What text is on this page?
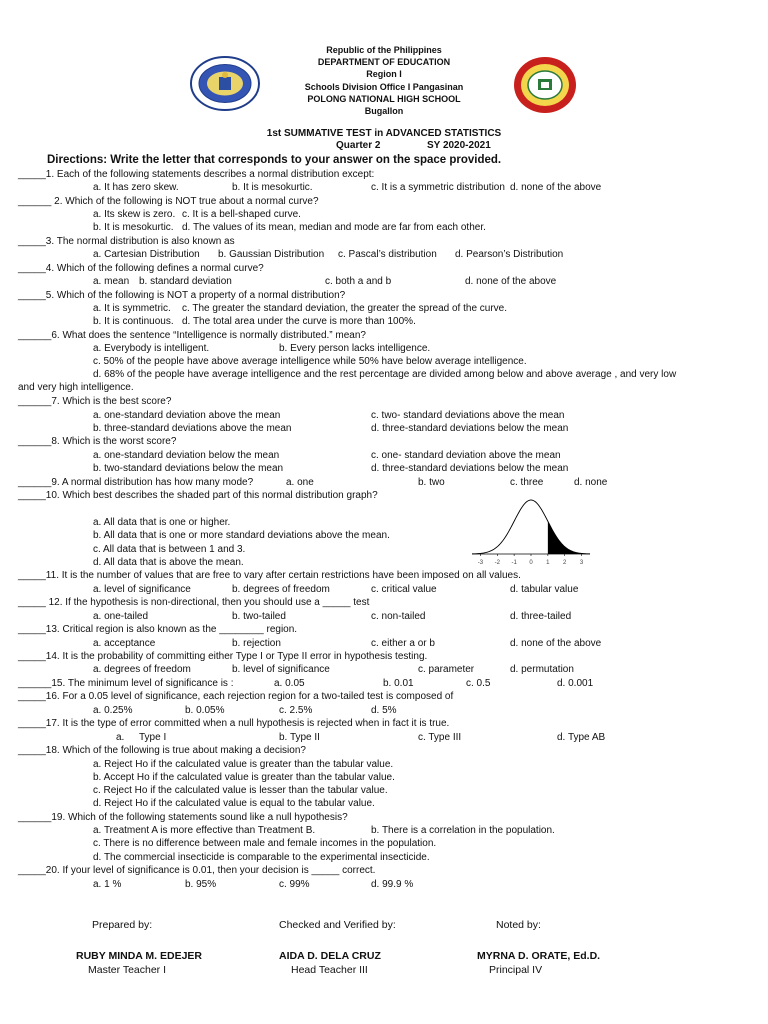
Republic of the Philippines
DEPARTMENT OF EDUCATION
Region I
Schools Division Office I Pangasinan
POLONG NATIONAL HIGH SCHOOL
Bugallon
1st SUMMATIVE TEST in ADVANCED STATISTICS
Quarter 2	SY 2020-2021
Directions: Write the letter that corresponds to your answer on the space provided.
_____1. Each of the following statements describes a normal distribution except:
a. It has zero skew.	b. It is mesokurtic.	c. It is a symmetric distribution d. none of the above
______ 2. Which of the following is NOT true about a normal curve?
a. Its skew is zero. c. It is a bell-shaped curve.
b. It is mesokurtic. d. The values of its mean, median and mode are far from each other.
_____3. The normal distribution is also known as
a. Cartesian Distribution b. Gaussian Distribution c. Pascal’s distribution d. Pearson’s Distribution
_____4. Which of the following defines a normal curve?
a. mean b. standard deviation	c. both a and b	d. none of the above
_____5. Which of the following is NOT a property of a normal distribution?
a. It is symmetric. c. The greater the standard deviation, the greater the spread of the curve.
b. It is continuous. d. The total area under the curve is more than 100%.
______6. What does the sentence “Intelligence is normally distributed.” mean?
a. Everybody is intelligent.	b. Every person lacks intelligence.
c. 50% of the people have above average intelligence while 50% have below average intelligence.
d. 68% of the people have average intelligence and the rest percentage are divided among below and above average , and very low
and very high intelligence.
______7. Which is the best score?
a. one-standard deviation above the mean	c. two- standard deviations above the mean
b. three-standard deviations above the mean	d. three-standard deviations below the mean
______8. Which is the worst score?
a. one-standard deviation below the mean	c. one- standard deviation above the mean
b. two-standard deviations below the mean	d. three-standard deviations below the mean
______9. A normal distribution has how many mode?	a. one	b. two	c. three	d. none
_____10. Which best describes the shaded part of this normal distribution graph?
a. All data that is one or higher.
b. All data that is one or more standard deviations above the mean.
c. All data that is between 1 and 3.
d. All data that is above the mean.
_____11. It is the number of values that are free to vary after certain restrictions have been imposed on all values.
a. level of significance	b. degrees of freedom	c. critical value	d. tabular value
_____ 12. If the hypothesis is non-directional, then you should use a _____ test
a. one-tailed	b. two-tailed	c. non-tailed	d. three-tailed
_____13. Critical region is also known as the ________ region.
a. acceptance	b. rejection	c. either a or b	d. none of the above
_____14. It is the probability of committing either Type I or Type II error in hypothesis testing.
a. degrees of freedom	b. level of significance	c. parameter	d. permutation
______15. The minimum level of significance is :	a. 0.05	b. 0.01	c. 0.5	d. 0.001
_____16. For a 0.05 level of significance, each rejection region for a two-tailed test is composed of
a. 0.25%	b. 0.05%	c. 2.5%	d. 5%
_____17. It is the type of error committed when a null hypothesis is rejected when in fact it is true.
a. Type I	b. Type II	c. Type III	d. Type AB
_____18. Which of the following is true about making a decision?
a. Reject Ho if the calculated value is greater than the tabular value.
b. Accept Ho if the calculated value is greater than the tabular value.
c. Reject Ho if the calculated value is lesser than the tabular value.
d. Reject Ho if the calculated value is equal to the tabular value.
______19. Which of the following statements sound like a null hypothesis?
a. Treatment A is more effective than Treatment B.	b. There is a correlation in the population.
c. There is no difference between male and female incomes in the population.
d. The commercial insecticide is comparable to the experimental insecticide.
_____20. If your level of significance is 0.01, then your decision is _____ correct.
a. 1 %	b. 95%	c. 99%	d. 99.9 %
-3 -2 -1 0 1 2 3
Prepared by:
RUBY MINDA M. EDEJER
Master Teacher I
Checked and Verified by:
AIDA D. DELA CRUZ
Head Teacher III
Noted by:
MYRNA D. ORATE, Ed.D.
Principal IV
